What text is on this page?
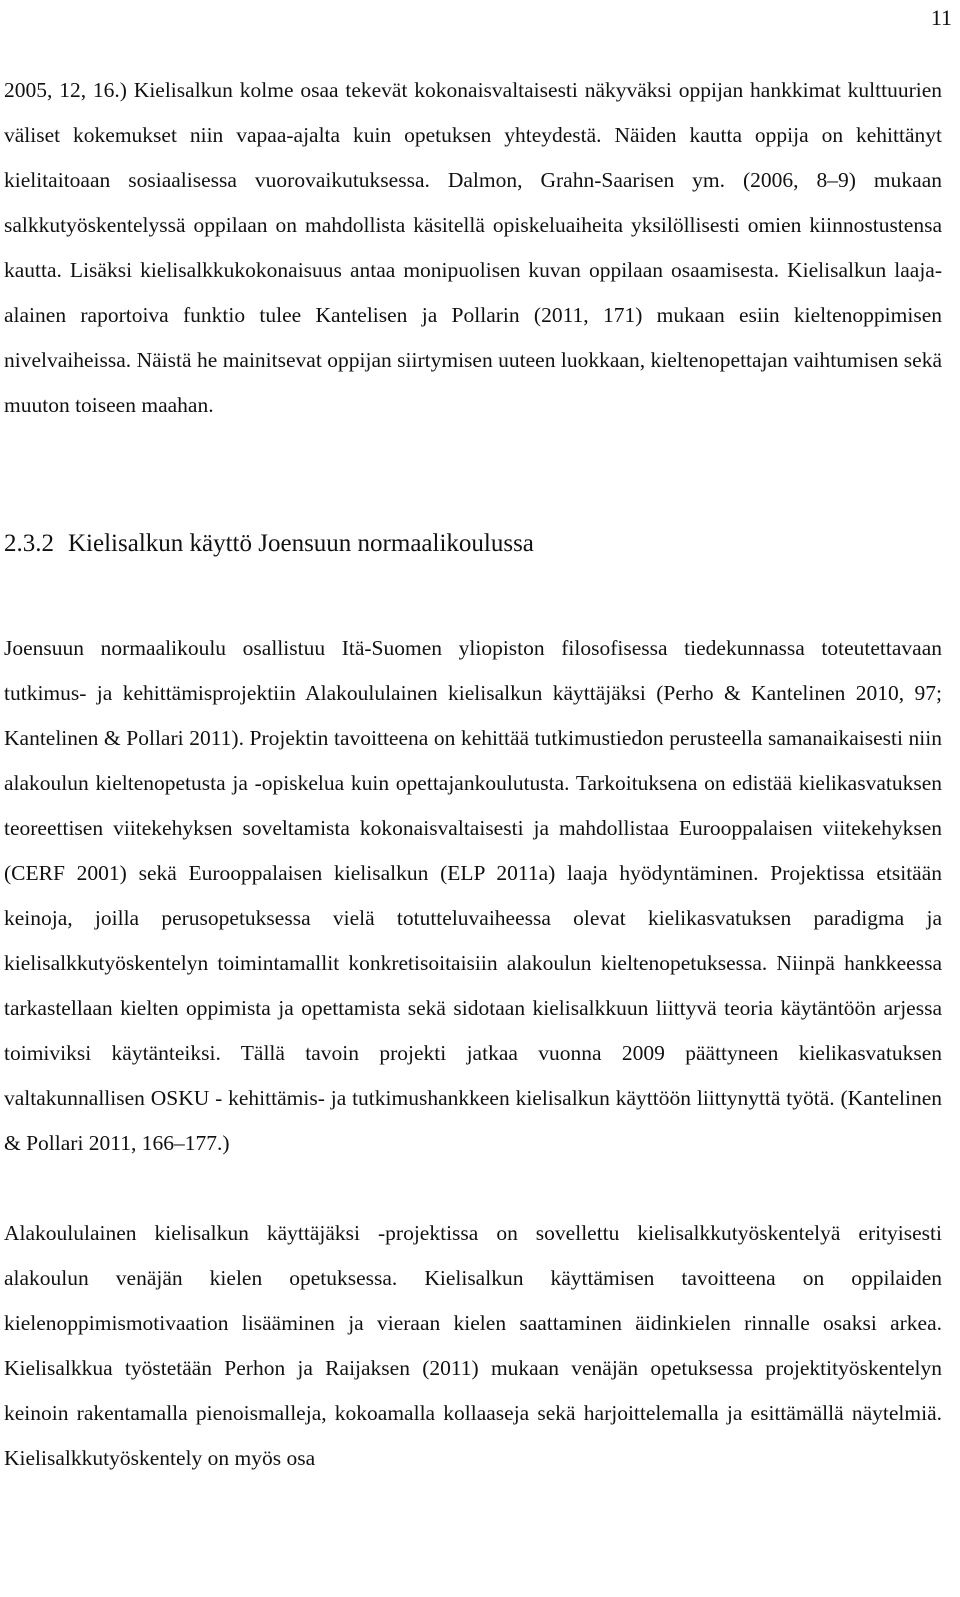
11

2005, 12, 16.) Kielisalkun kolme osaa tekevät kokonaisvaltaisesti näkyväksi oppijan hankkimat kulttuurien väliset kokemukset niin vapaa-ajalta kuin opetuksen yhteydestä. Näiden kautta oppija on kehittänyt kielitaitoaan sosiaalisessa vuorovaikutuksessa. Dalmon, Grahn-Saarisen ym. (2006, 8–9) mukaan salkkutyöskentelyssä oppilaan on mahdollista käsitellä opiskeluaiheita yksilöllisesti omien kiinnostustensa kautta. Lisäksi kielisalkkukokonaisuus antaa monipuolisen kuvan oppilaan osaamisesta. Kielisalkun laaja-alainen raportoiva funktio tulee Kantelisen ja Pollarin (2011, 171) mukaan esiin kieltenoppimisen nivelvaiheissa. Näistä he mainitsevat oppijan siirtymisen uuteen luokkaan, kieltenopettajan vaihtumisen sekä muuton toiseen maahan.

2.3.2 Kielisalkun käyttö Joensuun normaalikoulussa

Joensuun normaalikoulu osallistuu Itä-Suomen yliopiston filosofisessa tiedekunnassa toteutettavaan tutkimus- ja kehittämisprojektiin Alakoululainen kielisalkun käyttäjäksi (Perho & Kantelinen 2010, 97; Kantelinen & Pollari 2011). Projektin tavoitteena on kehittää tutkimustiedon perusteella samanaikaisesti niin alakoulun kieltenopetusta ja -opiskelua kuin opettajankoulutusta. Tarkoituksena on edistää kielikasvatuksen teoreettisen viitekehyksen soveltamista kokonaisvaltaisesti ja mahdollistaa Eurooppalaisen viitekehyksen (CERF 2001) sekä Eurooppalaisen kielisalkun (ELP 2011a) laaja hyödyntäminen. Projektissa etsitään keinoja, joilla perusopetuksessa vielä totutteluvaiheessa olevat kielikasvatuksen paradigma ja kielisalkkutyöskentelyn toimintamallit konkretisoitaisiin alakoulun kieltenopetuksessa. Niinpä hankkeessa tarkastellaan kielten oppimista ja opettamista sekä sidotaan kielisalkkuun liittyvä teoria käytäntöön arjessa toimiviksi käytänteiksi. Tällä tavoin projekti jatkaa vuonna 2009 päättyneen kielikasvatuksen valtakunnallisen OSKU - kehittämis- ja tutkimushankkeen kielisalkun käyttöön liittynyttä työtä. (Kantelinen & Pollari 2011, 166–177.)

Alakoululainen kielisalkun käyttäjäksi -projektissa on sovellettu kielisalkkutyöskentelyä erityisesti alakoulun venäjän kielen opetuksessa. Kielisalkun käyttämisen tavoitteena on oppilaiden kielenoppimismotivaation lisääminen ja vieraan kielen saattaminen äidinkielen rinnalle osaksi arkea. Kielisalkkua työstetään Perhon ja Raijaksen (2011) mukaan venäjän opetuksessa projektityöskentelyn keinoin rakentamalla pienoismalleja, kokoamalla kollaaseja sekä harjoittelemalla ja esittämällä näytelmiä. Kielisalkkutyöskentely on myös osa
